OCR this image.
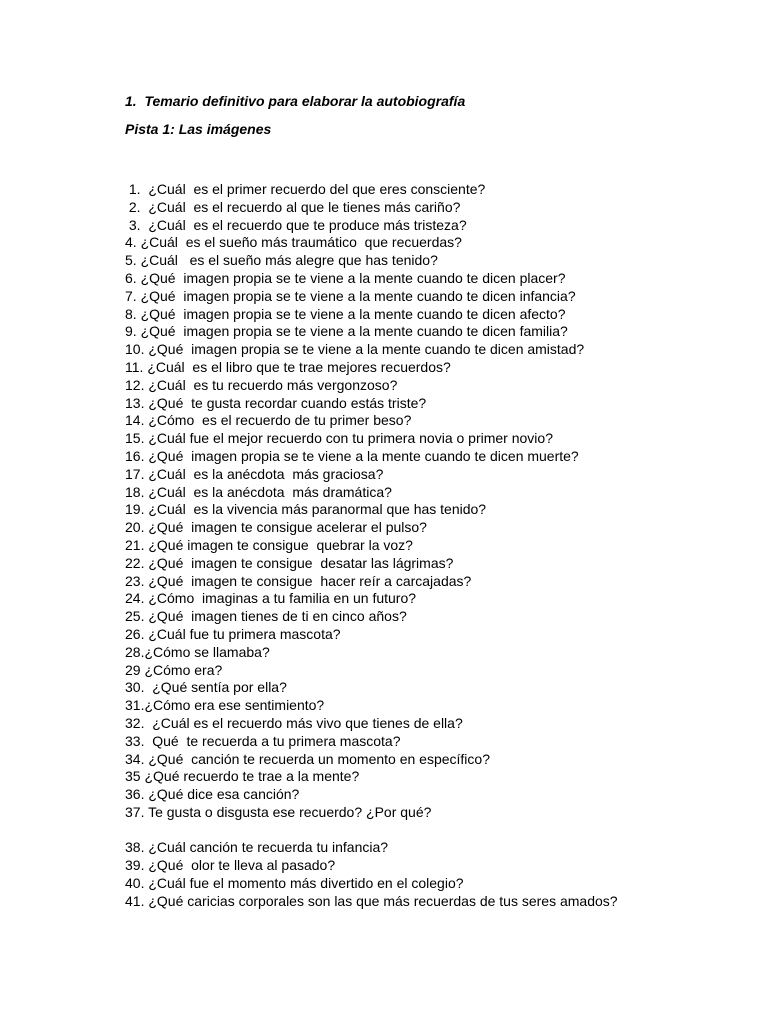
1.  Temario definitivo para elaborar la autobiografía
Pista 1: Las imágenes
1.  ¿Cuál  es el primer recuerdo del que eres consciente?
2.  ¿Cuál  es el recuerdo al que le tienes más cariño?
3.  ¿Cuál  es el recuerdo que te produce más tristeza?
4. ¿Cuál  es el sueño más traumático  que recuerdas?
5. ¿Cuál   es el sueño más alegre que has tenido?
6. ¿Qué  imagen propia se te viene a la mente cuando te dicen placer?
7. ¿Qué  imagen propia se te viene a la mente cuando te dicen infancia?
8. ¿Qué  imagen propia se te viene a la mente cuando te dicen afecto?
9. ¿Qué  imagen propia se te viene a la mente cuando te dicen familia?
10. ¿Qué  imagen propia se te viene a la mente cuando te dicen amistad?
11. ¿Cuál  es el libro que te trae mejores recuerdos?
12. ¿Cuál  es tu recuerdo más vergonzoso?
13. ¿Qué  te gusta recordar cuando estás triste?
14. ¿Cómo  es el recuerdo de tu primer beso?
15. ¿Cuál fue el mejor recuerdo con tu primera novia o primer novio?
16. ¿Qué  imagen propia se te viene a la mente cuando te dicen muerte?
17. ¿Cuál  es la anécdota  más graciosa?
18. ¿Cuál  es la anécdota  más dramática?
19. ¿Cuál  es la vivencia más paranormal que has tenido?
20. ¿Qué  imagen te consigue acelerar el pulso?
21. ¿Qué imagen te consigue  quebrar la voz?
22. ¿Qué  imagen te consigue  desatar las lágrimas?
23. ¿Qué  imagen te consigue  hacer reír a carcajadas?
24. ¿Cómo  imaginas a tu familia en un futuro?
25. ¿Qué  imagen tienes de ti en cinco años?
26. ¿Cuál fue tu primera mascota?
28.¿Cómo se llamaba?
29 ¿Cómo era?
30.  ¿Qué sentía por ella?
31.¿Cómo era ese sentimiento?
32.  ¿Cuál es el recuerdo más vivo que tienes de ella?
33.  Qué  te recuerda a tu primera mascota?
34. ¿Qué  canción te recuerda un momento en específico?
35 ¿Qué recuerdo te trae a la mente?
36. ¿Qué dice esa canción?
37. Te gusta o disgusta ese recuerdo? ¿Por qué?
38. ¿Cuál canción te recuerda tu infancia?
39. ¿Qué  olor te lleva al pasado?
40. ¿Cuál fue el momento más divertido en el colegio?
41. ¿Qué caricias corporales son las que más recuerdas de tus seres amados?
